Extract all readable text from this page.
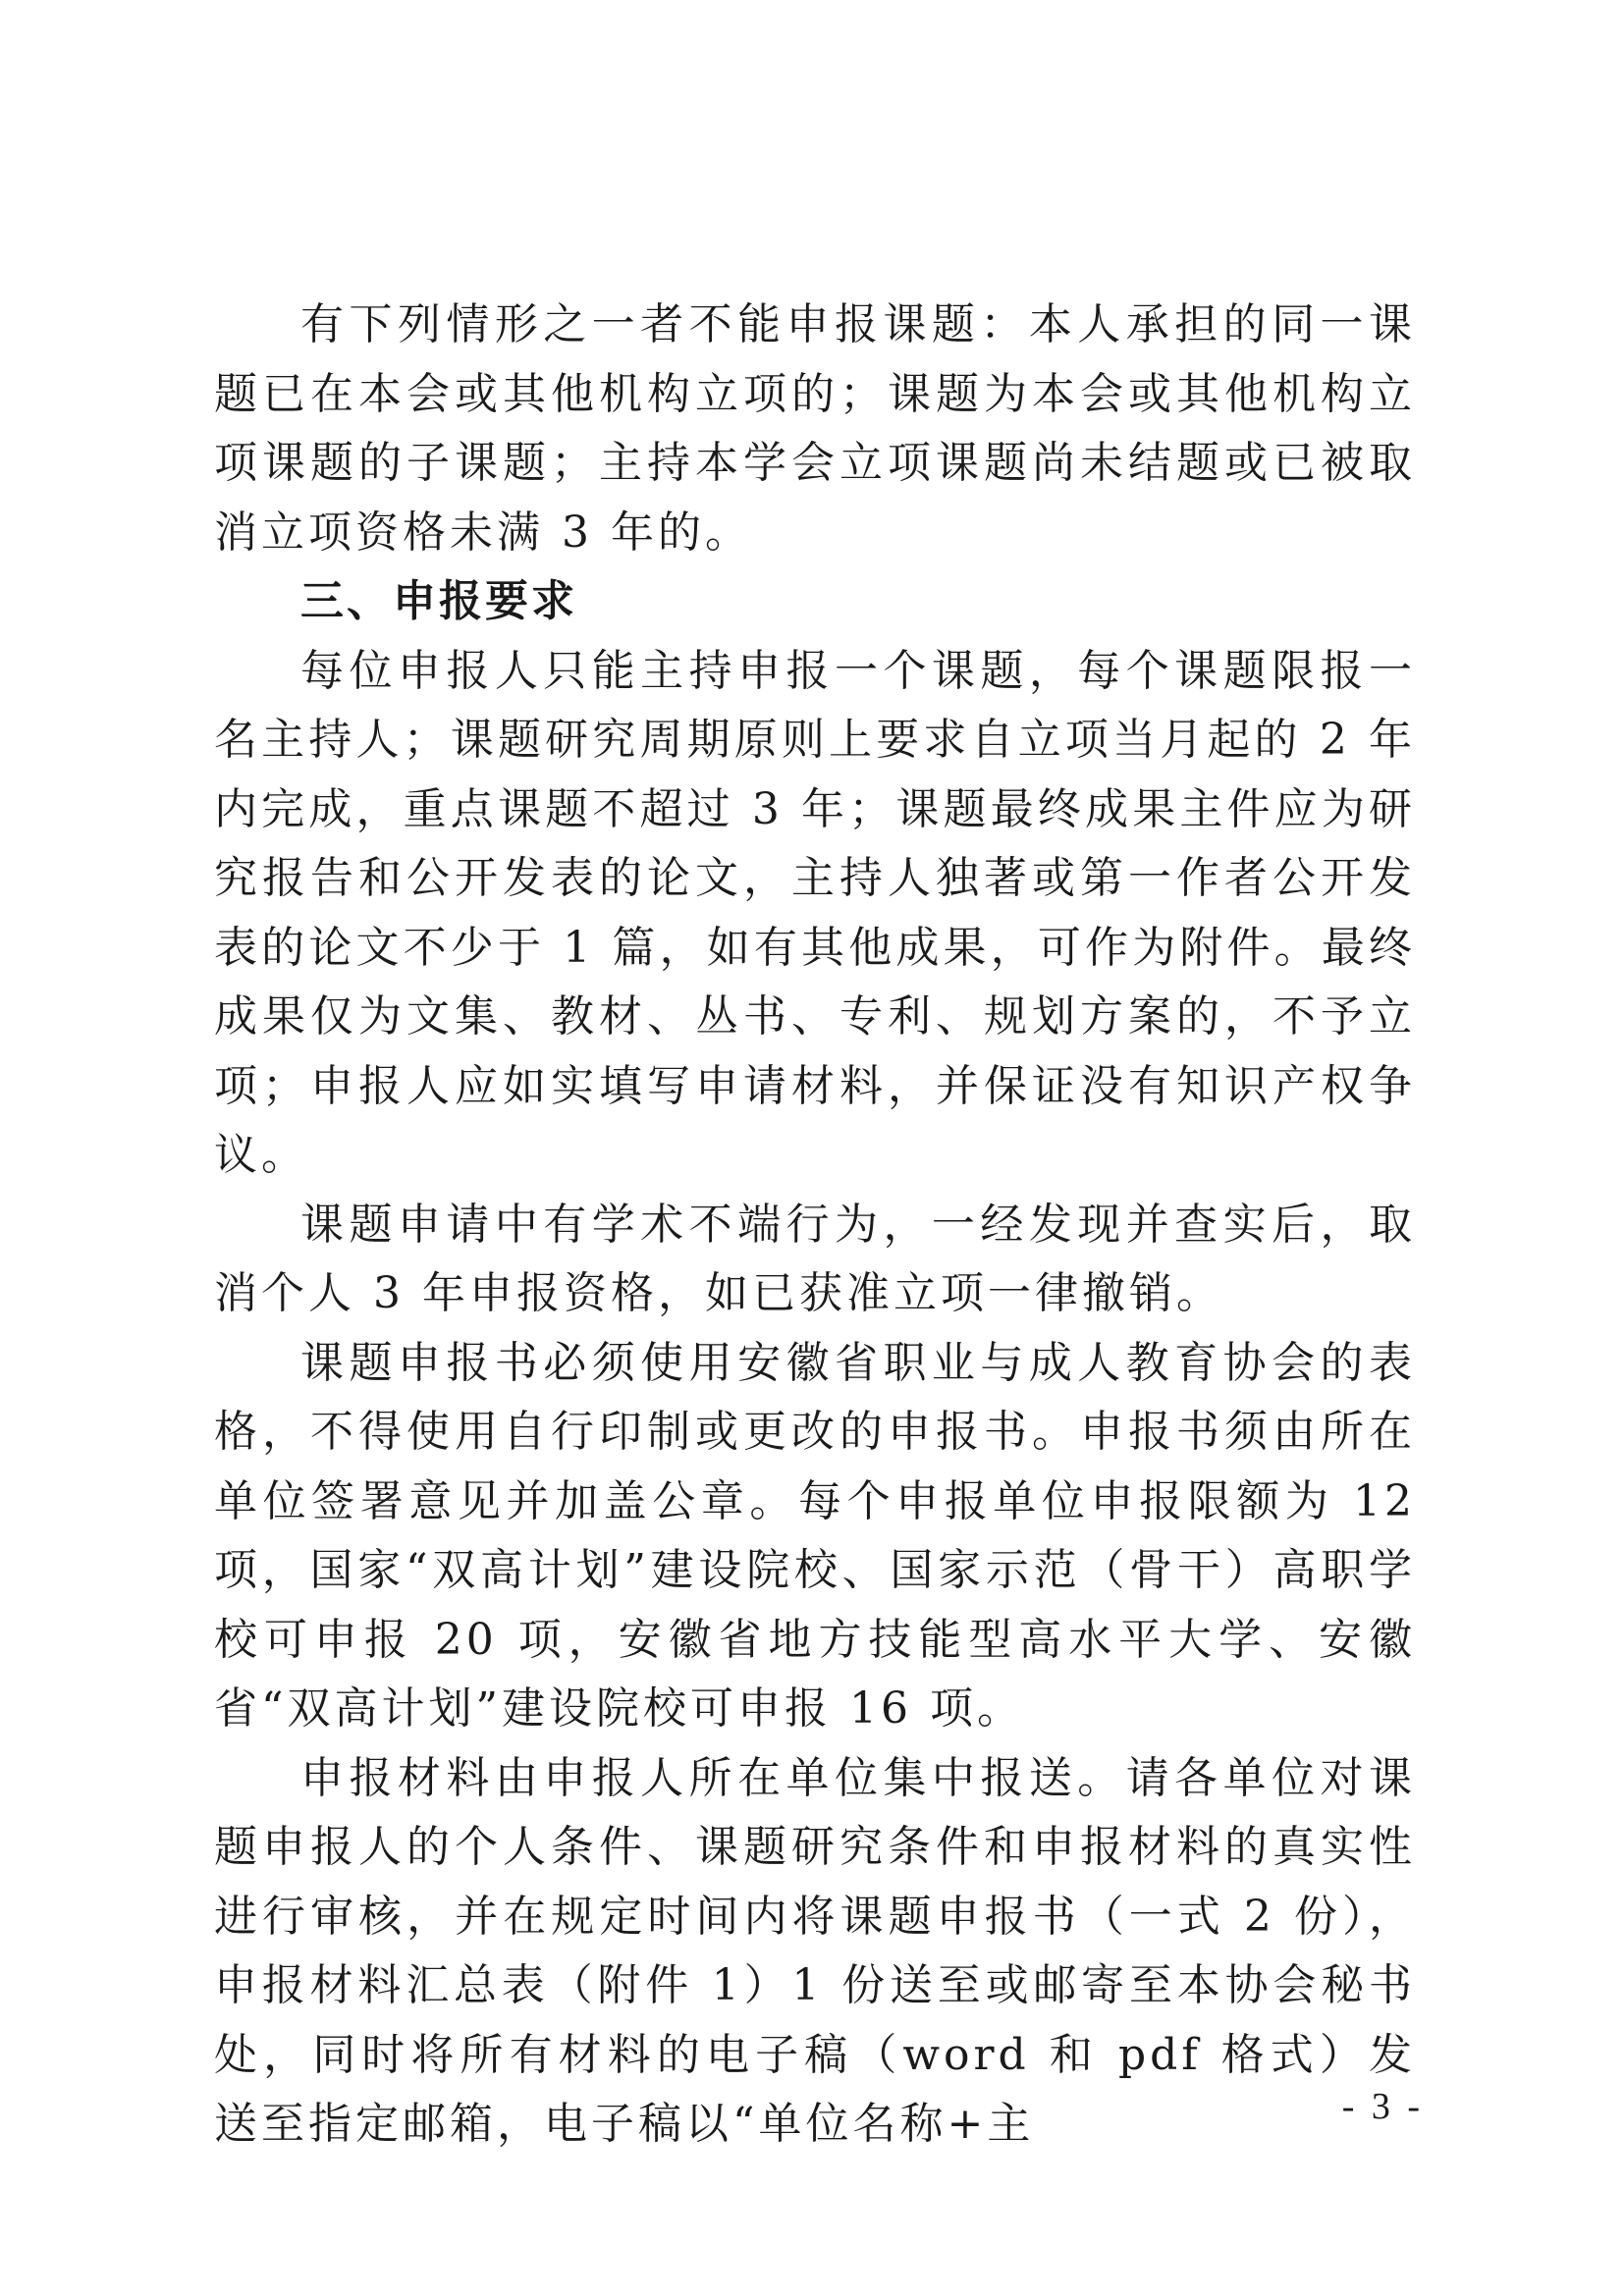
有下列情形之一者不能申报课题：本人承担的同一课题已在本会或其他机构立项的；课题为本会或其他机构立项课题的子课题；主持本学会立项课题尚未结题或已被取消立项资格未满 3 年的。

三、申报要求

每位申报人只能主持申报一个课题，每个课题限报一名主持人；课题研究周期原则上要求自立项当月起的 2 年内完成，重点课题不超过 3 年；课题最终成果主件应为研究报告和公开发表的论文，主持人独著或第一作者公开发表的论文不少于 1 篇，如有其他成果，可作为附件。最终成果仅为文集、教材、丛书、专利、规划方案的，不予立项；申报人应如实填写申请材料，并保证没有知识产权争议。

课题申请中有学术不端行为，一经发现并查实后，取消个人 3 年申报资格，如已获准立项一律撤销。

课题申报书必须使用安徽省职业与成人教育协会的表格，不得使用自行印制或更改的申报书。申报书须由所在单位签署意见并加盖公章。每个申报单位申报限额为 12 项，国家“双高计划”建设院校、国家示范（骨干）高职学校可申报 20 项，安徽省地方技能型高水平大学、安徽省“双高计划”建设院校可申报 16 项。

申报材料由申报人所在单位集中报送。请各单位对课题申报人的个人条件、课题研究条件和申报材料的真实性进行审核，并在规定时间内将课题申报书（一式 2 份），申报材料汇总表（附件 1）1 份送至或邮寄至本协会秘书处，同时将所有材料的电子稿（word 和 pdf 格式）发送至指定邮箱，电子稿以“单位名称+主	- 3 -
